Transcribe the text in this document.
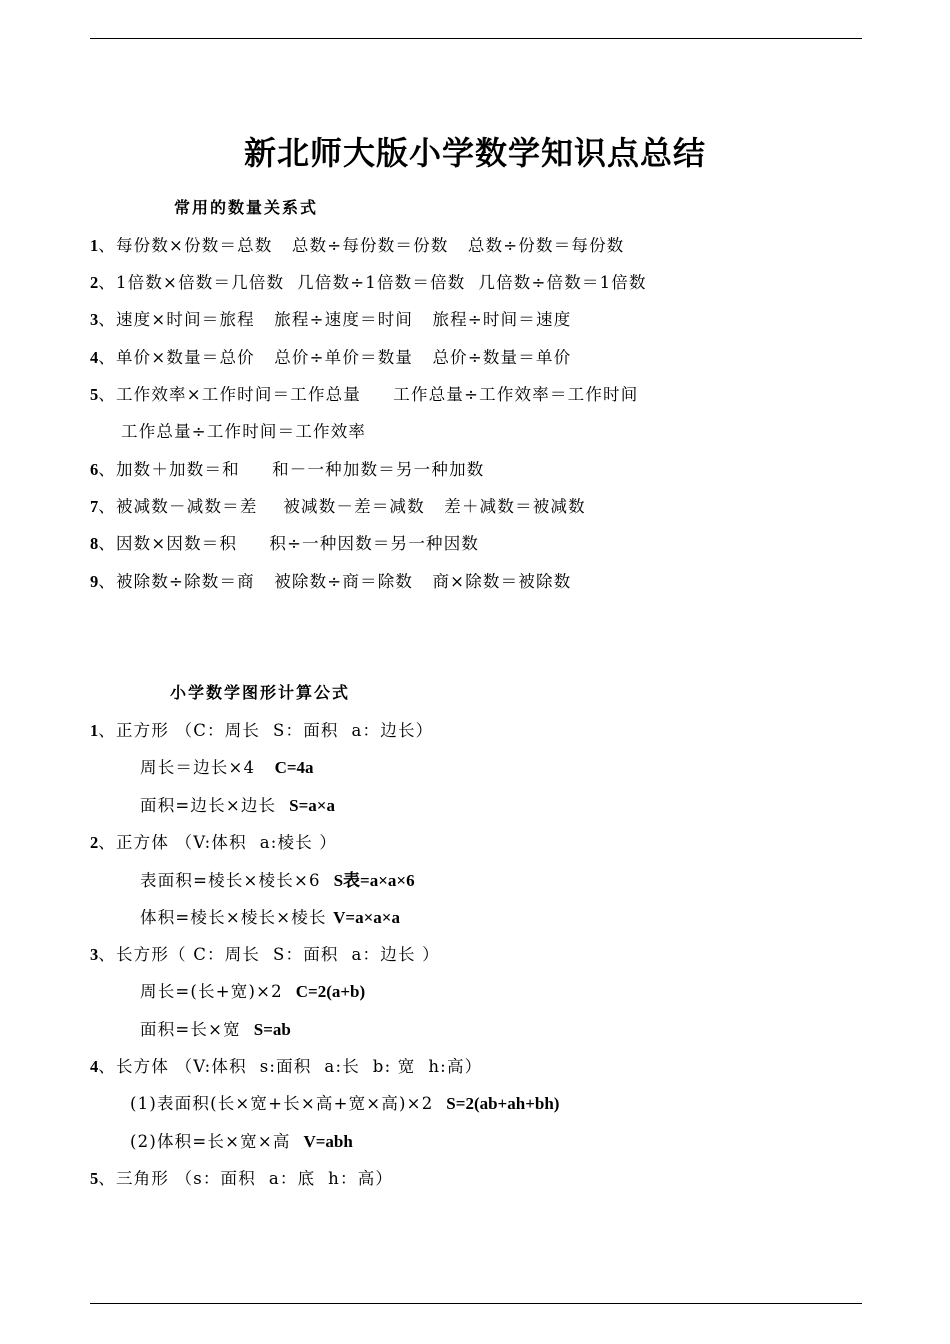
新北师大版小学数学知识点总结
常用的数量关系式
1、每份数×份数＝总数   总数÷每份数＝份数   总数÷份数＝每份数
2、1倍数×倍数＝几倍数  几倍数÷1倍数＝倍数  几倍数÷倍数＝1倍数
3、速度×时间＝旅程   旅程÷速度＝时间   旅程÷时间＝速度
4、单价×数量＝总价   总价÷单价＝数量   总价÷数量＝单价
5、工作效率×工作时间＝工作总量     工作总量÷工作效率＝工作时间
工作总量÷工作时间＝工作效率
6、加数＋加数＝和     和－一种加数＝另一种加数
7、被减数－减数＝差    被减数－差＝减数   差＋减数＝被减数
8、因数×因数＝积     积÷一种因数＝另一种因数
9、被除数÷除数＝商   被除数÷商＝除数   商×除数＝被除数
小学数学图形计算公式
1、正方形 （C：周长  S：面积  a：边长）
周长＝边长×4   C=4a
面积=边长×边长  S=a×a
2、正方体 （V:体积  a:棱长 ）
表面积=棱长×棱长×6  S表=a×a×6
体积=棱长×棱长×棱长 V=a×a×a
3、长方形（ C：周长  S：面积  a：边长 ）
周长=(长+宽)×2  C=2(a+b)
面积=长×宽  S=ab
4、长方体 （V:体积  s:面积  a:长  b: 宽  h:高）
(1)表面积(长×宽+长×高+宽×高)×2  S=2(ab+ah+bh)
(2)体积=长×宽×高  V=abh
5、三角形 （s：面积  a：底  h：高）
